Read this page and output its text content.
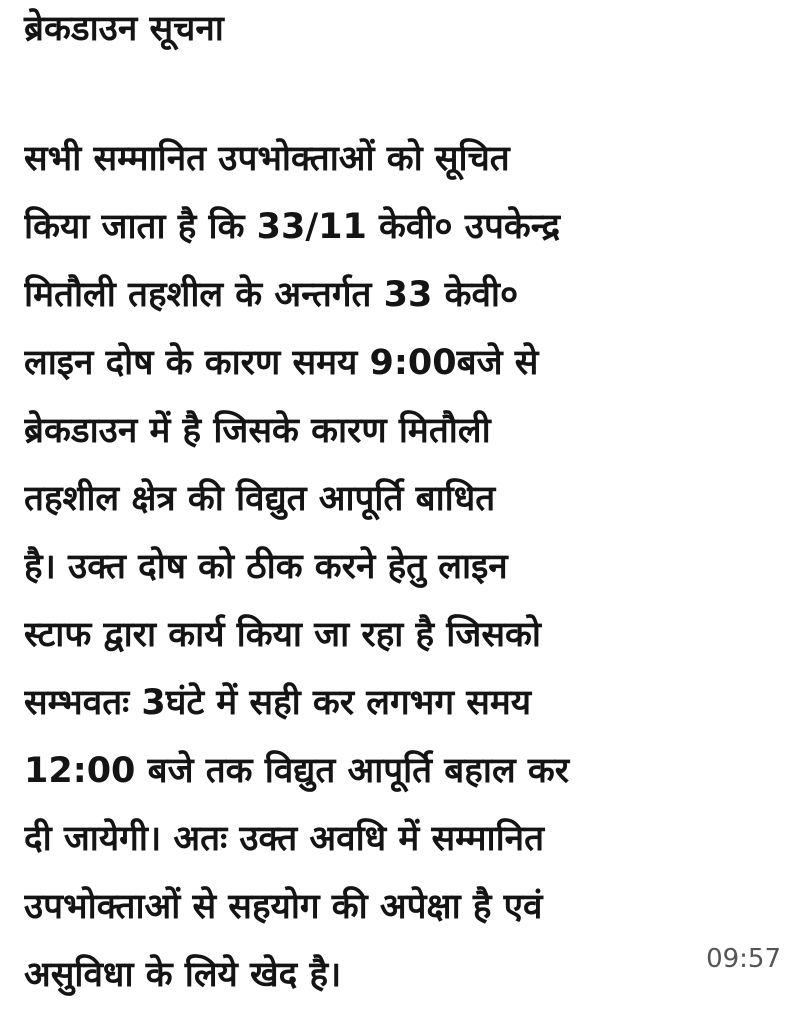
ब्रेकडाउन सूचना
सभी सम्मानित उपभोक्ताओं को सूचित
किया जाता है कि 33/11 केवी० उपकेन्द्र
मितौली तहशील के अन्तर्गत 33 केवी०
लाइन दोष के कारण समय 9:00बजे से
ब्रेकडाउन में है जिसके कारण मितौली
तहशील क्षेत्र की विद्युत आपूर्ति बाधित
है। उक्त दोष को ठीक करने हेतु लाइन
स्टाफ द्वारा कार्य किया जा रहा है जिसको
सम्भवतः 3घंटे में सही कर लगभग समय
12:00 बजे तक विद्युत आपूर्ति बहाल कर
दी जायेगी। अतः उक्त अवधि में सम्मानित
उपभोक्ताओं से सहयोग की अपेक्षा है एवं
असुविधा के लिये खेद है।	09:57
